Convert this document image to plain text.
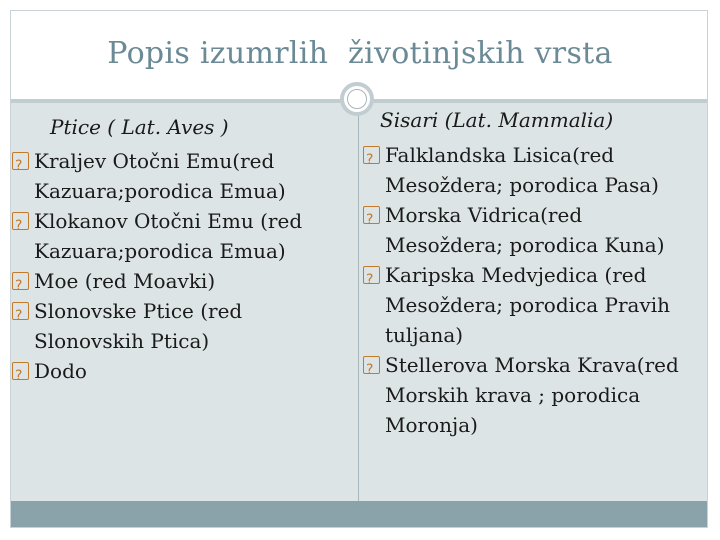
Popis izumrlih  životinjskih vrsta
Ptice ( Lat. Aves )
?Kraljev Otočni Emu(red Kazuara;porodica Emua)
?Klokanov Otočni Emu (red Kazuara;porodica Emua)
?Moe (red Moavki)
?Slonovske Ptice (red Slonovskih Ptica)
?Dodo
Sisari (Lat. Mammalia)
?Falklandska Lisica(red Mesoždera; porodica Pasa)
?Morska Vidrica(red Mesoždera; porodica Kuna)
?Karipska Medvjedica (red Mesoždera; porodica Pravih tuljana)
?Stellerova Morska Krava(red Morskih krava ; porodica Moronja)
